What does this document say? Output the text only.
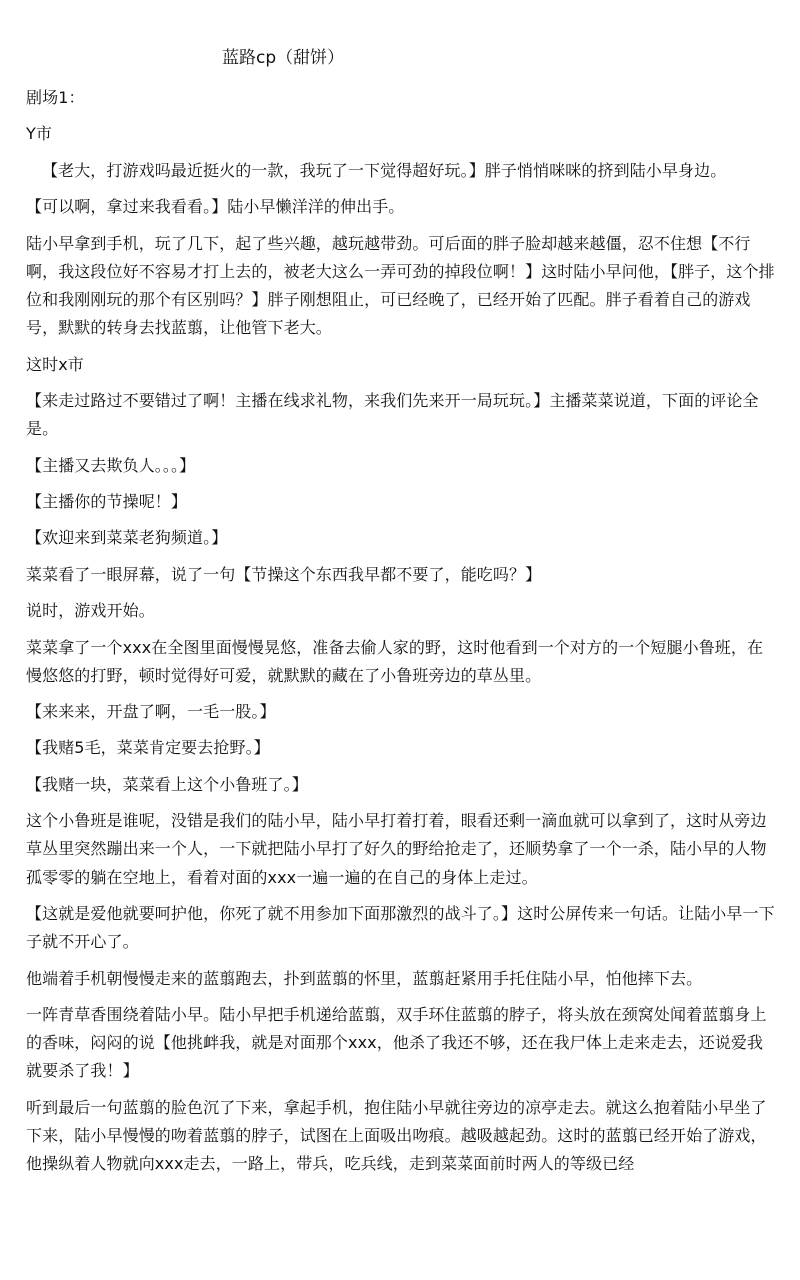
蓝路cp（甜饼）

剧场1：

Y市

【老大，打游戏吗最近挺火的一款，我玩了一下觉得超好玩。】胖子悄悄咪咪的挤到陆小早身边。

【可以啊，拿过来我看看。】陆小早懒洋洋的伸出手。

陆小早拿到手机，玩了几下，起了些兴趣，越玩越带劲。可后面的胖子脸却越来越僵，忍不住想【不行啊，我这段位好不容易才打上去的，被老大这么一弄可劲的掉段位啊！】这时陆小早问他，【胖子，这个排位和我刚刚玩的那个有区别吗？】胖子刚想阻止，可已经晚了，已经开始了匹配。胖子看着自己的游戏号，默默的转身去找蓝翦，让他管下老大。

这时x市

【来走过路过不要错过了啊！主播在线求礼物，来我们先来开一局玩玩。】主播菜菜说道，下面的评论全是。

【主播又去欺负人。。。】

【主播你的节操呢！】

【欢迎来到菜菜老狗频道。】

菜菜看了一眼屏幕，说了一句【节操这个东西我早都不要了，能吃吗？】

说时，游戏开始。

菜菜拿了一个xxx在全图里面慢慢晃悠，准备去偷人家的野，这时他看到一个对方的一个短腿小鲁班，在慢悠悠的打野，顿时觉得好可爱，就默默的藏在了小鲁班旁边的草丛里。

【来来来，开盘了啊，一毛一股。】

【我赌5毛，菜菜肯定要去抢野。】

【我赌一块，菜菜看上这个小鲁班了。】

这个小鲁班是谁呢，没错是我们的陆小早，陆小早打着打着，眼看还剩一滴血就可以拿到了，这时从旁边草丛里突然蹦出来一个人，一下就把陆小早打了好久的野给抢走了，还顺势拿了一个一杀，陆小早的人物孤零零的躺在空地上，看着对面的xxx一遍一遍的在自己的身体上走过。

【这就是爱他就要呵护他，你死了就不用参加下面那激烈的战斗了。】这时公屏传来一句话。让陆小早一下子就不开心了。

他端着手机朝慢慢走来的蓝翦跑去，扑到蓝翦的怀里，蓝翦赶紧用手托住陆小早，怕他摔下去。

一阵青草香围绕着陆小早。陆小早把手机递给蓝翦，双手环住蓝翦的脖子，将头放在颈窝处闻着蓝翦身上的香味，闷闷的说【他挑衅我，就是对面那个xxx，他杀了我还不够，还在我尸体上走来走去，还说爱我就要杀了我！】

听到最后一句蓝翦的脸色沉了下来，拿起手机，抱住陆小早就往旁边的凉亭走去。就这么抱着陆小早坐了下来，陆小早慢慢的吻着蓝翦的脖子，试图在上面吸出吻痕。越吸越起劲。这时的蓝翦已经开始了游戏，他操纵着人物就向xxx走去，一路上，带兵，吃兵线，走到菜菜面前时两人的等级已经
